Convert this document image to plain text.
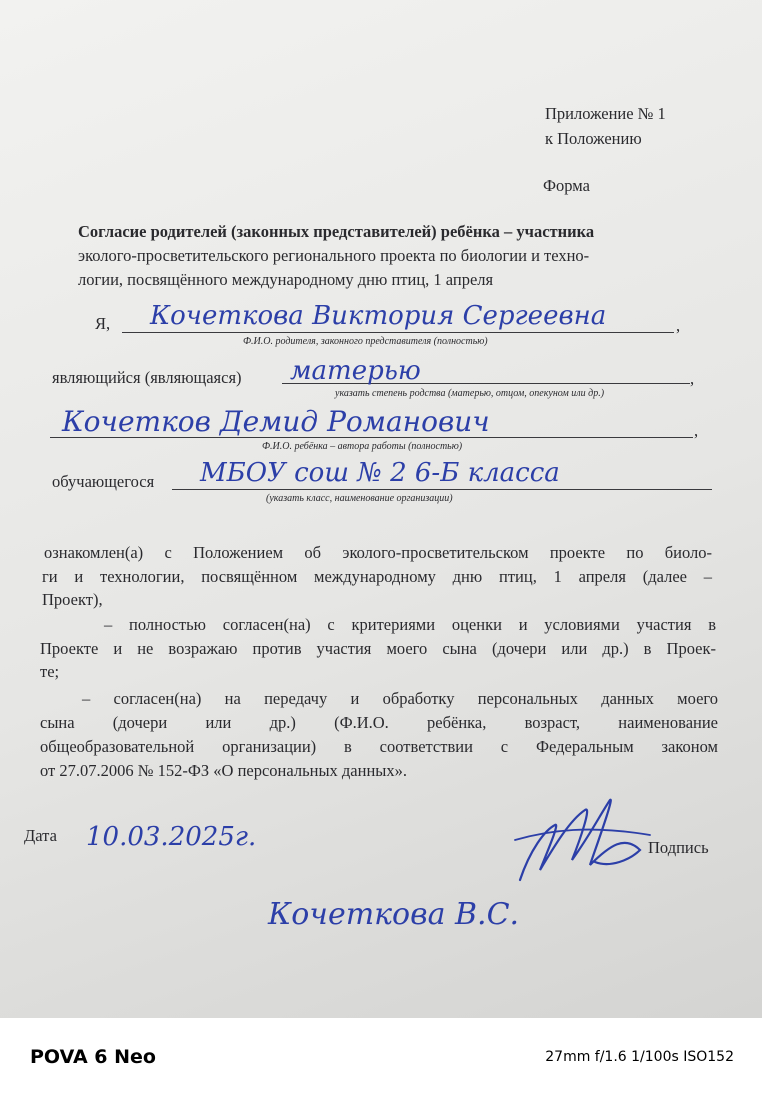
Приложение № 1
к Положению
Форма
Согласие родителей (законных представителей) ребёнка – участника
эколого-просветительского регионального проекта по биологии и техно-
логии, посвящённого международному дню птиц, 1 апреля
Я, Кочеткова Виктория Сергеевна	,
Ф.И.О. родителя, законного представителя (полностью)
являющийся (являющаяся) матерью	,
указать степень родства (матерью, отцом, опекуном или др.)
Кочетков Демид Романович	,
Ф.И.О. ребёнка – автора работы (полностью)
обучающегося МБОУ сош № 2 6-Б класса
(указать класс, наименование организации)
ознакомлен(а) с Положением об эколого-просветительском проекте по биоло-
ги и технологии, посвящённом международному дню птиц, 1 апреля (далее –
Проект),
– полностью согласен(на) с критериями оценки и условиями участия в
Проекте и не возражаю против участия моего сына (дочери или др.) в Проек-
те;
– согласен(на) на передачу и обработку персональных данных моего
сына (дочери или др.) (Ф.И.О. ребёнка, возраст, наименование
общеобразовательной организации) в соответствии с Федеральным законом
от 27.07.2006 № 152-ФЗ «О персональных данных».
Дата 10.03.2025г.	Подпись
Кочеткова В.С.
POVA 6 Neo	27mm f/1.6 1/100s ISO152
